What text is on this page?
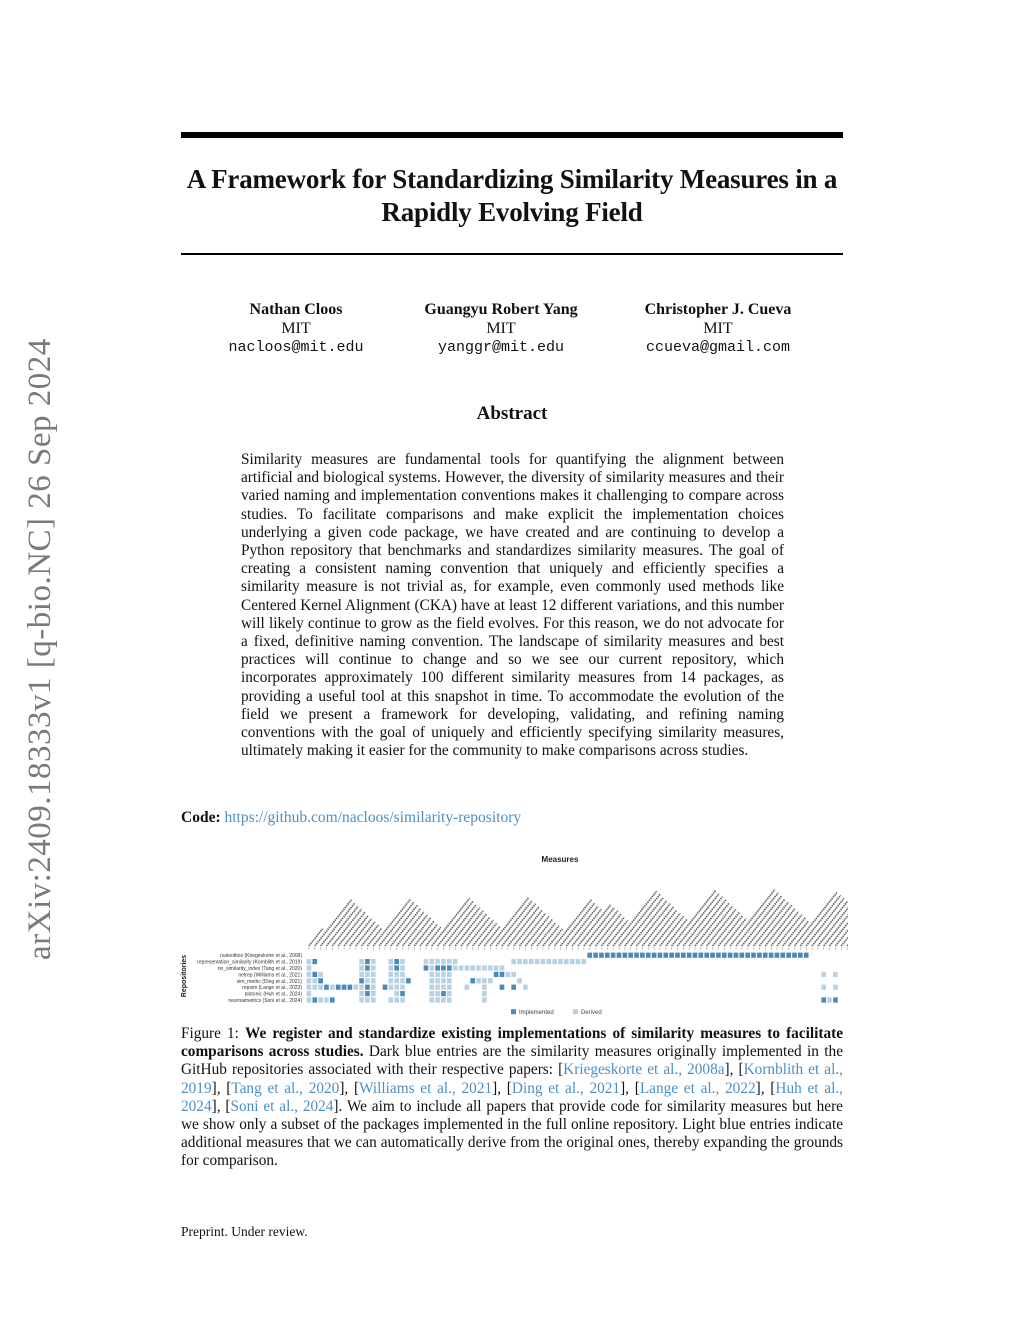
A Framework for Standardizing Similarity Measures in a Rapidly Evolving Field
arXiv:2409.18333v1 [q-bio.NC] 26 Sep 2024
Nathan Cloos
MIT
nacloos@mit.edu
Guangyu Robert Yang
MIT
yanggr@mit.edu
Christopher J. Cueva
MIT
ccueva@gmail.com
Abstract
Similarity measures are fundamental tools for quantifying the alignment between artificial and biological systems. However, the diversity of similarity measures and their varied naming and implementation conventions makes it challenging to compare across studies. To facilitate comparisons and make explicit the implementation choices underlying a given code package, we have created and are continuing to develop a Python repository that benchmarks and standardizes similarity measures. The goal of creating a consistent naming convention that uniquely and efficiently specifies a similarity measure is not trivial as, for example, even commonly used methods like Centered Kernel Alignment (CKA) have at least 12 different variations, and this number will likely continue to grow as the field evolves. For this reason, we do not advocate for a fixed, definitive naming convention. The landscape of similarity measures and best practices will continue to change and so we see our current repository, which incorporates approximately 100 different similarity measures from 14 packages, as providing a useful tool at this snapshot in time. To accommodate the evolution of the field we present a framework for developing, validating, and refining naming conventions with the goal of uniquely and efficiently specifying similarity measures, ultimately making it easier for the community to make comparisons across studies.
Code: https://github.com/nacloos/similarity-repository
Measures
Repositories	rsatoolbox (Kriegeskorte et al., 2008)
representation_similarity (Kornblith et al., 2019)
nn_similarity_index (Tang et al., 2020)
netrep (Williams et al., 2021)
sim_metric (Ding et al., 2021)
repsim (Lange et al., 2023)
platonic (Huh et al., 2024)
neuroaimetrics (Soni et al., 2024)
Implemented	Derived
Figure 1: We register and standardize existing implementations of similarity measures to facilitate comparisons across studies. Dark blue entries are the similarity measures originally implemented in the GitHub repositories associated with their respective papers: [Kriegeskorte et al., 2008a], [Kornblith et al., 2019], [Tang et al., 2020], [Williams et al., 2021], [Ding et al., 2021], [Lange et al., 2022], [Huh et al., 2024], [Soni et al., 2024]. We aim to include all papers that provide code for similarity measures but here we show only a subset of the packages implemented in the full online repository. Light blue entries indicate additional measures that we can automatically derive from the original ones, thereby expanding the grounds for comparison.
Preprint. Under review.
